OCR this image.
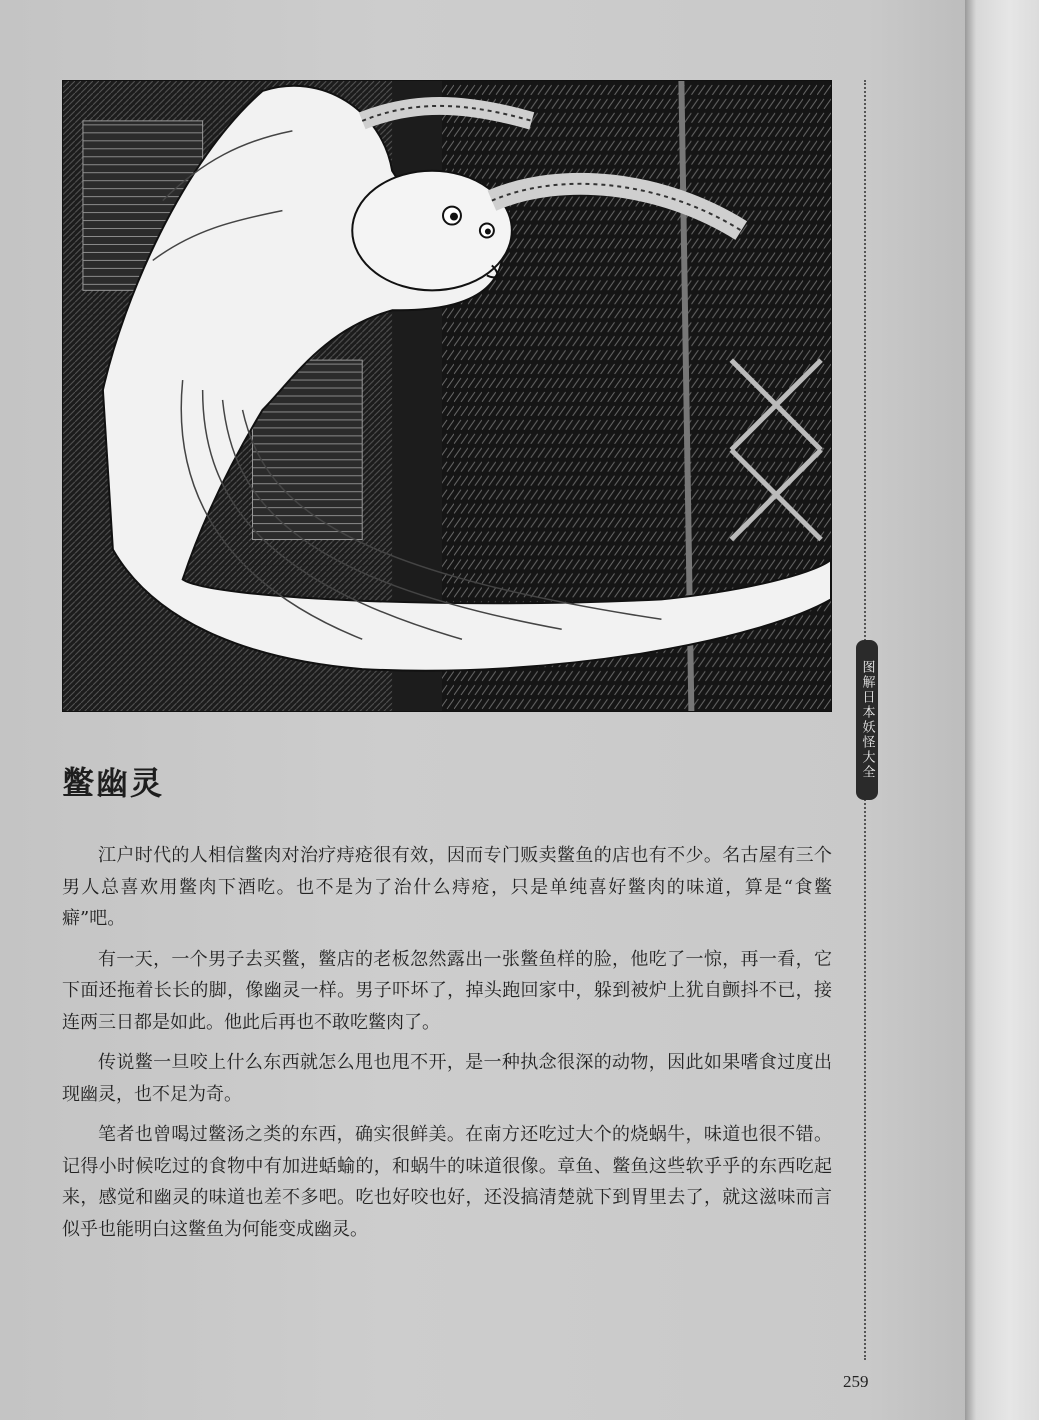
图解日本妖怪大全
鳖幽灵

江户时代的人相信鳖肉对治疗痔疮很有效，因而专门贩卖鳖鱼的店也有不少。名古屋有三个男人总喜欢用鳖肉下酒吃。也不是为了治什么痔疮，只是单纯喜好鳖肉的味道，算是“食鳖癖”吧。

有一天，一个男子去买鳖，鳖店的老板忽然露出一张鳖鱼样的脸，他吃了一惊，再一看，它下面还拖着长长的脚，像幽灵一样。男子吓坏了，掉头跑回家中，躲到被炉上犹自颤抖不已，接连两三日都是如此。他此后再也不敢吃鳖肉了。

传说鳖一旦咬上什么东西就怎么甩也甩不开，是一种执念很深的动物，因此如果嗜食过度出现幽灵，也不足为奇。

笔者也曾喝过鳖汤之类的东西，确实很鲜美。在南方还吃过大个的烧蜗牛，味道也很不错。记得小时候吃过的食物中有加进蛞蝓的，和蜗牛的味道很像。章鱼、鳖鱼这些软乎乎的东西吃起来，感觉和幽灵的味道也差不多吧。吃也好咬也好，还没搞清楚就下到胃里去了，就这滋味而言似乎也能明白这鳖鱼为何能变成幽灵。

259
